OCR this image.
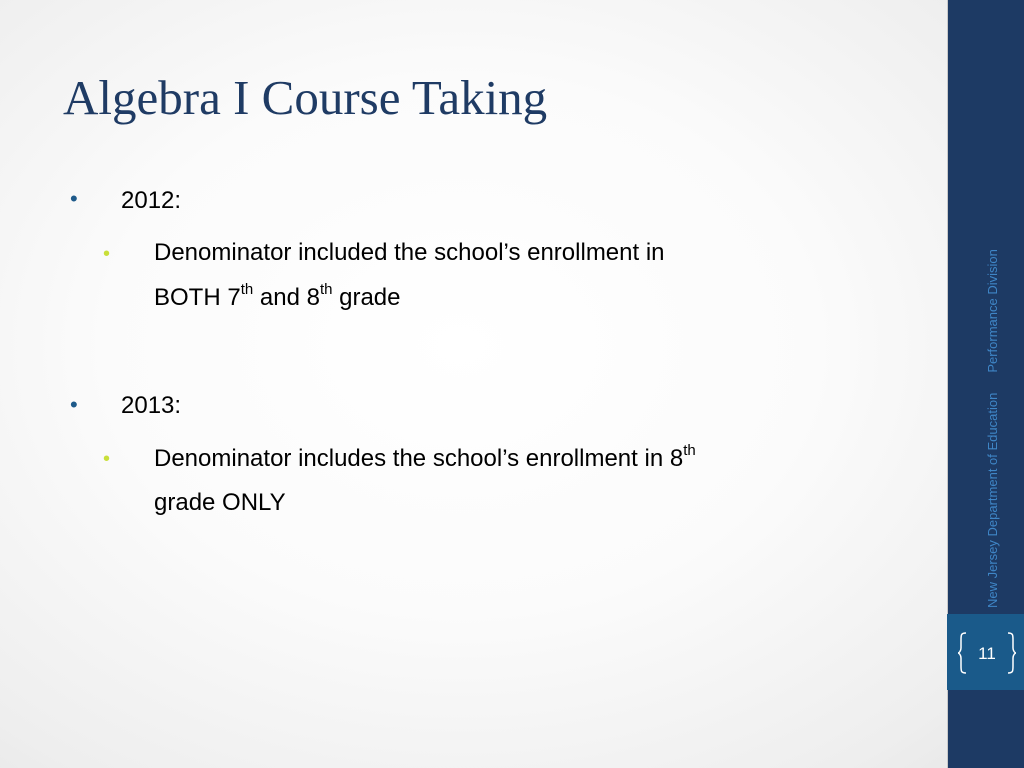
Algebra I Course Taking
• 2012:
• Denominator included the school’s enrollment in
BOTH 7th and 8th grade
• 2013:
• Denominator includes the school’s enrollment in 8th
grade ONLY	New Jersey Department of EducationPerformance Division
11
